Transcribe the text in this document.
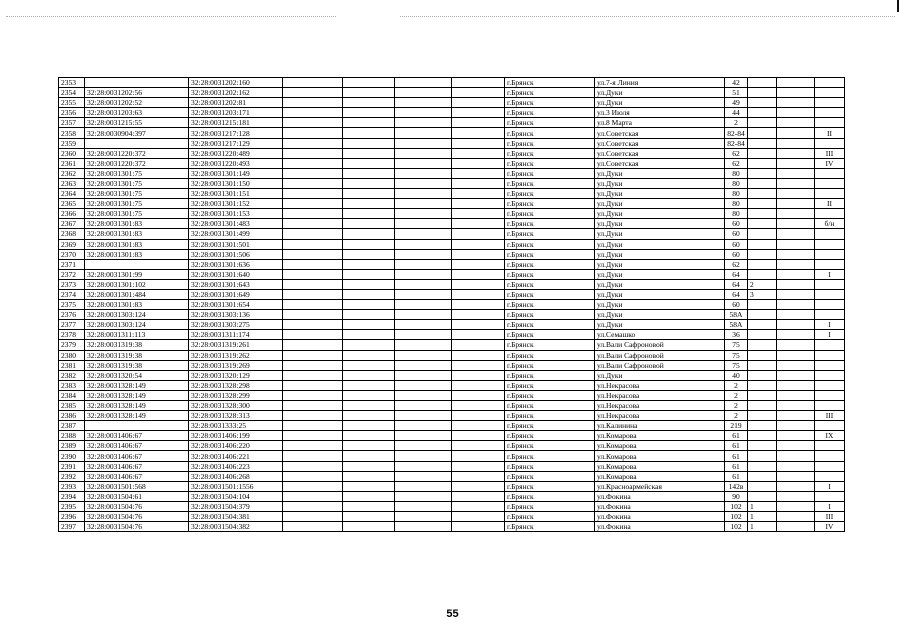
2353		32:28:0031202:160					г.Брянск	ул.7-я Линия	42			
2354	32:28:0031202:56	32:28:0031202:162					г.Брянск	ул.Дуки	51			
2355	32:28:0031202:52	32:28:0031202:81					г.Брянск	ул.Дуки	49			
2356	32:28:0031203:63	32:28:0031203:171					г.Брянск	ул.3 Июля	44			
2357	32:28:0031215:55	32:28:0031215:181					г.Брянск	ул.8 Марта	2			
2358	32:28:0030904:397	32:28:0031217:128					г.Брянск	ул.Советская	82-84			II
2359		32:28:0031217:129					г.Брянск	ул.Советская	82-84			
2360	32:28:0031220:372	32:28:0031220:489					г.Брянск	ул.Советская	62			III
2361	32:28:0031220:372	32:28:0031220:493					г.Брянск	ул.Советская	62			IV
2362	32:28:0031301:75	32:28:0031301:149					г.Брянск	ул.Дуки	80			
2363	32:28:0031301:75	32:28:0031301:150					г.Брянск	ул.Дуки	80			
2364	32:28:0031301:75	32:28:0031301:151					г.Брянск	ул.Дуки	80			
2365	32:28:0031301:75	32:28:0031301:152					г.Брянск	ул.Дуки	80			II
2366	32:28:0031301:75	32:28:0031301:153					г.Брянск	ул.Дуки	80			
2367	32:28:0031301:83	32:28:0031301:483					г.Брянск	ул.Дуки	60			б/н
2368	32:28:0031301:83	32:28:0031301:499					г.Брянск	ул.Дуки	60			
2369	32:28:0031301:83	32:28:0031301:501					г.Брянск	ул.Дуки	60			
2370	32:28:0031301:83	32:28:0031301:506					г.Брянск	ул.Дуки	60			
2371		32:28:0031301:636					г.Брянск	ул.Дуки	62			
2372	32:28:0031301:99	32:28:0031301:640					г.Брянск	ул.Дуки	64			I
2373	32:28:0031301:102	32:28:0031301:643					г.Брянск	ул.Дуки	64	2		
2374	32:28:0031301:484	32:28:0031301:649					г.Брянск	ул.Дуки	64	3		
2375	32:28:0031301:83	32:28:0031301:654					г.Брянск	ул.Дуки	60			
2376	32:28:0031303:124	32:28:0031303:136					г.Брянск	ул.Дуки	58А			
2377	32:28:0031303:124	32:28:0031303:275					г.Брянск	ул.Дуки	58А			I
2378	32:28:0031311:113	32:28:0031311:174					г.Брянск	ул.Семашко	36			I
2379	32:28:0031319:38	32:28:0031319:261					г.Брянск	ул.Вали Сафроновой	75			
2380	32:28:0031319:38	32:28:0031319:262					г.Брянск	ул.Вали Сафроновой	75			
2381	32:28:0031319:38	32:28:0031319:269					г.Брянск	ул.Вали Сафроновой	75			
2382	32:28:0031320:54	32:28:0031320:129					г.Брянск	ул.Дуки	40			
2383	32:28:0031328:149	32:28:0031328:298					г.Брянск	ул.Некрасова	2			
2384	32:28:0031328:149	32:28:0031328:299					г.Брянск	ул.Некрасова	2			
2385	32:28:0031328:149	32:28:0031328:300					г.Брянск	ул.Некрасова	2			
2386	32:28:0031328:149	32:28:0031328:313					г.Брянск	ул.Некрасова	2			III
2387		32:28:0031333:25					г.Брянск	ул.Калинина	219			
2388	32:28:0031406:67	32:28:0031406:199					г.Брянск	ул.Комарова	61			IX
2389	32:28:0031406:67	32:28:0031406:220					г.Брянск	ул.Комарова	61			
2390	32:28:0031406:67	32:28:0031406:221					г.Брянск	ул.Комарова	61			
2391	32:28:0031406:67	32:28:0031406:223					г.Брянск	ул.Комарова	61			
2392	32:28:0031406:67	32:28:0031406:268					г.Брянск	ул.Комарова	61			
2393	32:28:0031501:568	32:28:0031501:1556					г.Брянск	ул.Красноармейская	142в			I
2394	32:28:0031504:61	32:28:0031504:104					г.Брянск	ул.Фокина	90			
2395	32:28:0031504:76	32:28:0031504:379					г.Брянск	ул.Фокина	102	1		I
2396	32:28:0031504:76	32:28:0031504:381					г.Брянск	ул.Фокина	102	1		III
2397	32:28:0031504:76	32:28:0031504:382					г.Брянск	ул.Фокина	102	1		IV
55
